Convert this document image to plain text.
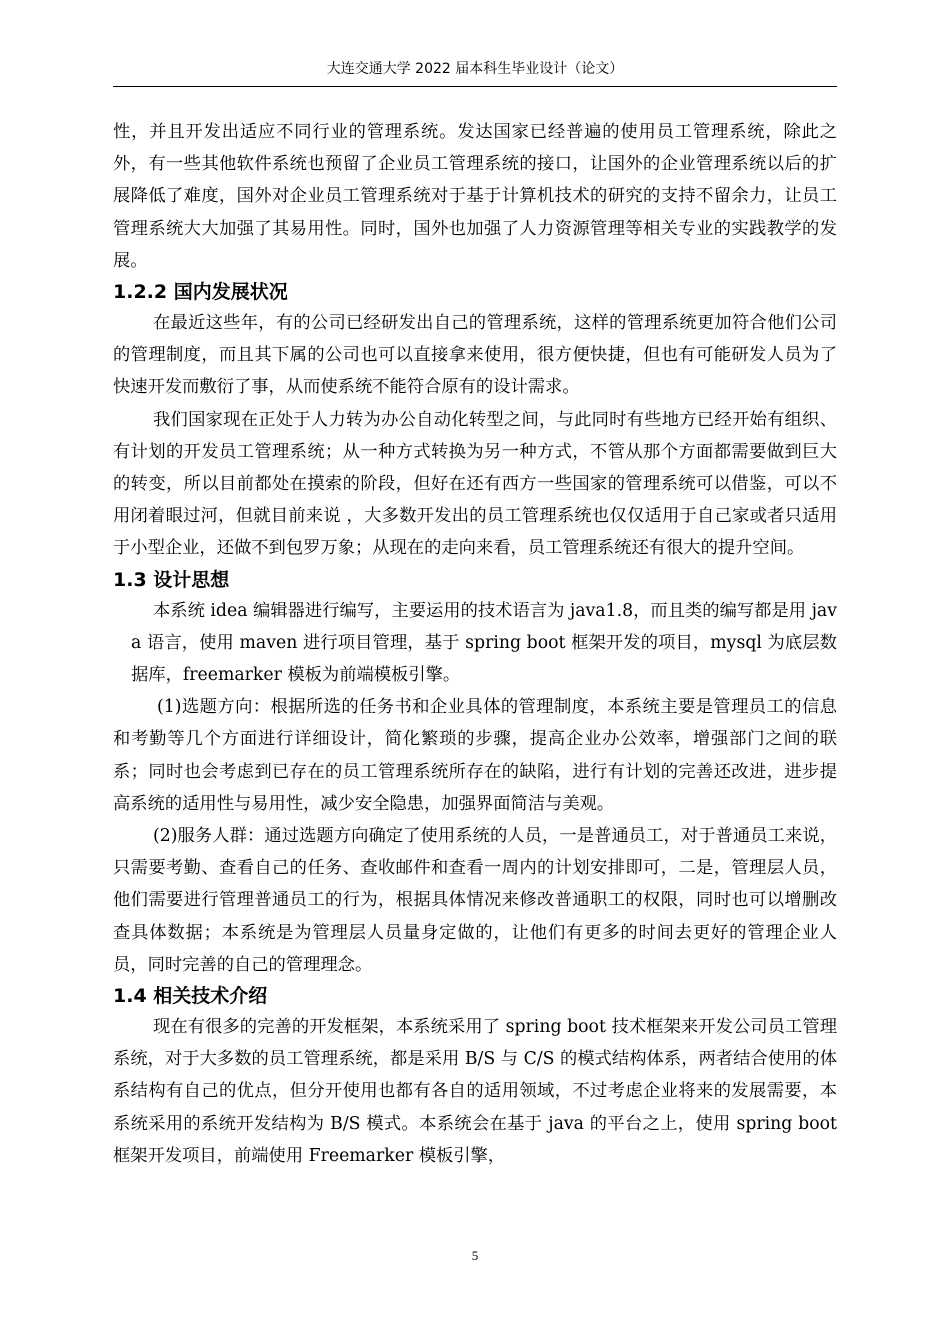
大连交通大学 2022 届本科生毕业设计（论文）

性，并且开发出适应不同行业的管理系统。发达国家已经普遍的使用员工管理系统，除此之外，有一些其他软件系统也预留了企业员工管理系统的接口，让国外的企业管理系统以后的扩展降低了难度，国外对企业员工管理系统对于基于计算机技术的研究的支持不留余力，让员工管理系统大大加强了其易用性。同时，国外也加强了人力资源管理等相关专业的实践教学的发展。

1.2.2 国内发展状况

在最近这些年，有的公司已经研发出自己的管理系统，这样的管理系统更加符合他们公司的管理制度，而且其下属的公司也可以直接拿来使用，很方便快捷，但也有可能研发人员为了快速开发而敷衍了事，从而使系统不能符合原有的设计需求。

我们国家现在正处于人力转为办公自动化转型之间，与此同时有些地方已经开始有组织、有计划的开发员工管理系统；从一种方式转换为另一种方式，不管从那个方面都需要做到巨大的转变，所以目前都处在摸索的阶段，但好在还有西方一些国家的管理系统可以借鉴，可以不用闭着眼过河，但就目前来说 ，大多数开发出的员工管理系统也仅仅适用于自己家或者只适用于小型企业，还做不到包罗万象；从现在的走向来看，员工管理系统还有很大的提升空间。

1.3 设计思想

本系统 idea 编辑器进行编写，主要运用的技术语言为 java1.8，而且类的编写都是用 java 语言，使用 maven 进行项目管理，基于 spring boot 框架开发的项目，mysql 为底层数据库，freemarker 模板为前端模板引擎。

(1)选题方向：根据所选的任务书和企业具体的管理制度，本系统主要是管理员工的信息和考勤等几个方面进行详细设计，简化繁琐的步骤，提高企业办公效率，增强部门之间的联系；同时也会考虑到已存在的员工管理系统所存在的缺陷，进行有计划的完善还改进，进步提高系统的适用性与易用性，减少安全隐患，加强界面简洁与美观。

(2)服务人群：通过选题方向确定了使用系统的人员，一是普通员工，对于普通员工来说，只需要考勤、查看自己的任务、查收邮件和查看一周内的计划安排即可，二是，管理层人员，他们需要进行管理普通员工的行为，根据具体情况来修改普通职工的权限，同时也可以增删改查具体数据；本系统是为管理层人员量身定做的，让他们有更多的时间去更好的管理企业人员，同时完善的自己的管理理念。

1.4 相关技术介绍

现在有很多的完善的开发框架，本系统采用了 spring boot 技术框架来开发公司员工管理系统，对于大多数的员工管理系统，都是采用 B/S 与 C/S 的模式结构体系，两者结合使用的体系结构有自己的优点，但分开使用也都有各自的适用领域，不过考虑企业将来的发展需要，本系统采用的系统开发结构为 B/S 模式。本系统会在基于 java 的平台之上，使用 spring boot 框架开发项目，前端使用 Freemarker 模板引擎，

5
